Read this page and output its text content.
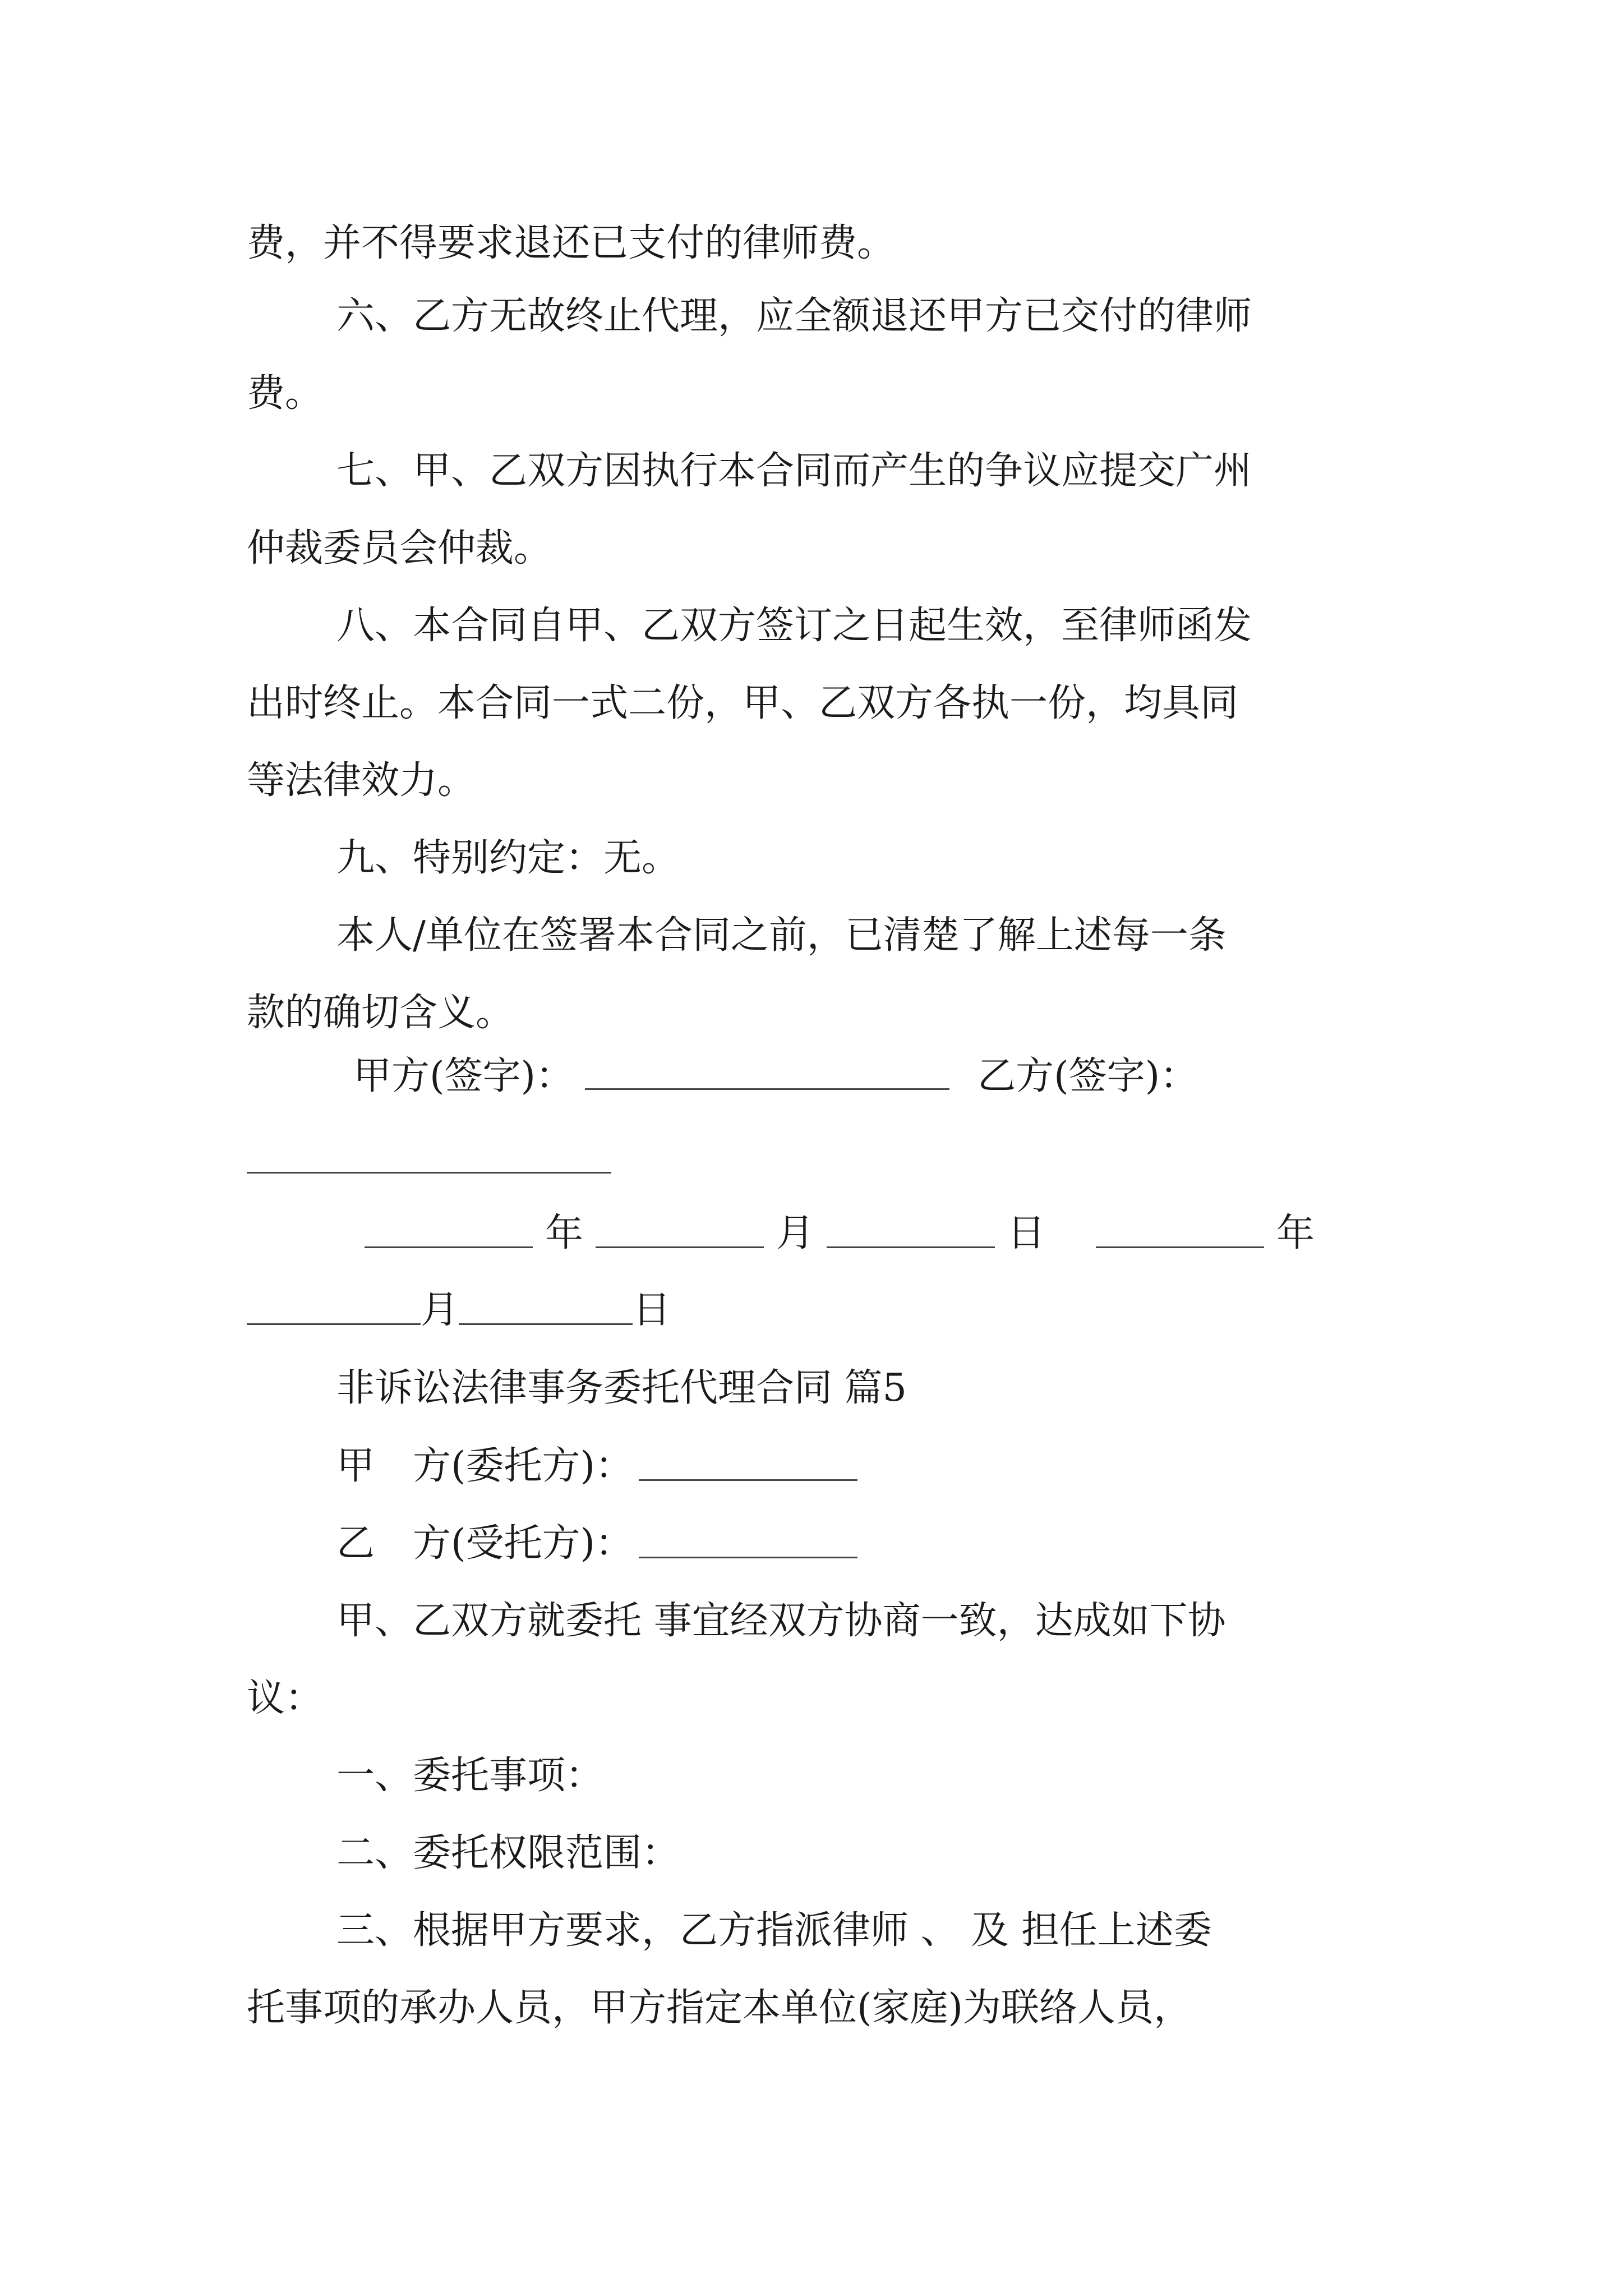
费，并不得要求退还已支付的律师费。

六、乙方无故终止代理，应全额退还甲方已交付的律师

费。

七、甲、乙双方因执行本合同而产生的争议应提交广州

仲裁委员会仲裁。

八、本合同自甲、乙双方签订之日起生效，至律师函发

出时终止。本合同一式二份，甲、乙双方各执一份，均具同

等法律效力。

九、特别约定：无。

本人/单位在签署本合同之前，已清楚了解上述每一条

款的确切含义。

甲方(签字)：	乙方(签字)：
年	月	日	年
月	日

非诉讼法律事务委托代理合同 篇5

甲　方(委托方)：
乙　方(受托方)：

甲、乙双方就委托 事宜经双方协商一致，达成如下协

议：

一、委托事项：

二、委托权限范围：

三、根据甲方要求，乙方指派律师 、 及 担任上述委

托事项的承办人员，甲方指定本单位(家庭)为联络人员，
